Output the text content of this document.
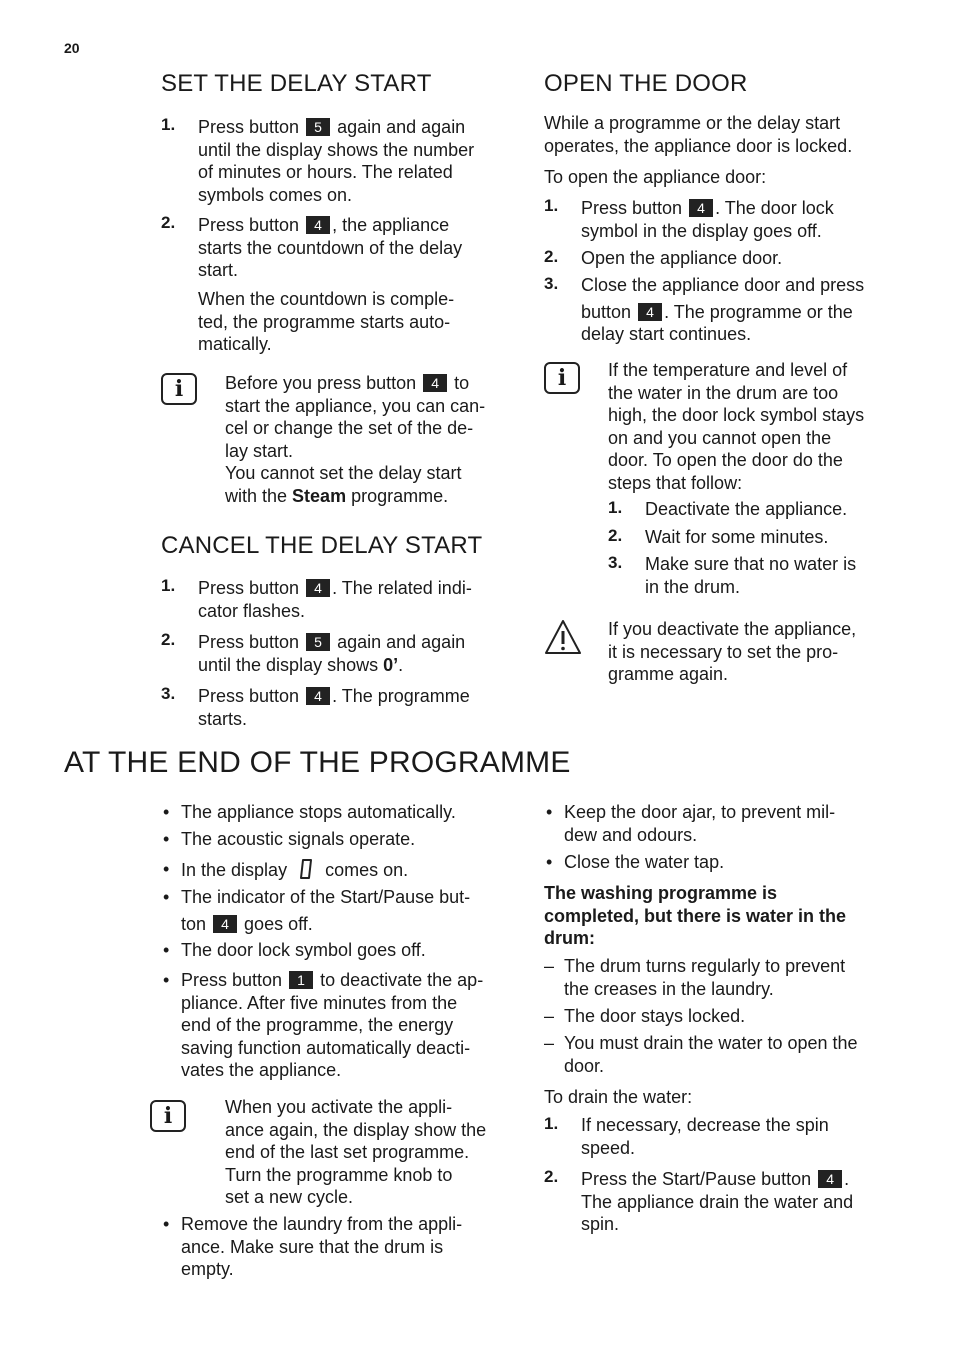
20
SET THE DELAY START
1. Press button 5 again and again
until the display shows the number
of minutes or hours. The related
symbols comes on.
2. Press button 4 , the appliance
starts the countdown of the delay
start.
When the countdown is comple-
ted, the programme starts auto-
matically.
i	Before you press button 4 to
start the appliance, you can can-
cel or change the set of the de-
lay start.
You cannot set the delay start
with the Steam programme.
CANCEL THE DELAY START
1. Press button 4 . The related indi-
cator flashes.
2. Press button 5 again and again
until the display shows 0’.
3. Press button 4 . The programme
starts.
OPEN THE DOOR
While a programme or the delay start
operates, the appliance door is locked.
To open the appliance door:
1. Press button 4 . The door lock
symbol in the display goes off.
2. Open the appliance door.
3. Close the appliance door and press
button 4 . The programme or the
delay start continues.
i	If the temperature and level of
the water in the drum are too
high, the door lock symbol stays
on and you cannot open the
door. To open the door do the
steps that follow:
1. Deactivate the appliance.
2. Wait for some minutes.
3. Make sure that no water is
in the drum.
If you deactivate the appliance,
it is necessary to set the pro-
gramme again.
AT THE END OF THE PROGRAMME
• The appliance stops automatically.
• The acoustic signals operate.
• In the display comes on.
• The indicator of the Start/Pause but-
ton 4 goes off.
• The door lock symbol goes off.
• Press button 1 to deactivate the ap-
pliance. After five minutes from the
end of the programme, the energy
saving function automatically deacti-
vates the appliance.
i	When you activate the appli-
ance again, the display show the
end of the last set programme.
Turn the programme knob to
set a new cycle.
• Remove the laundry from the appli-
ance. Make sure that the drum is
empty.
• Keep the door ajar, to prevent mil-
dew and odours.
• Close the water tap.
The washing programme is
completed, but there is water in the
drum:
– The drum turns regularly to prevent
the creases in the laundry.
– The door stays locked.
– You must drain the water to open the
door.
To drain the water:
1. If necessary, decrease the spin
speed.
2. Press the Start/Pause button 4 .
The appliance drain the water and
spin.
